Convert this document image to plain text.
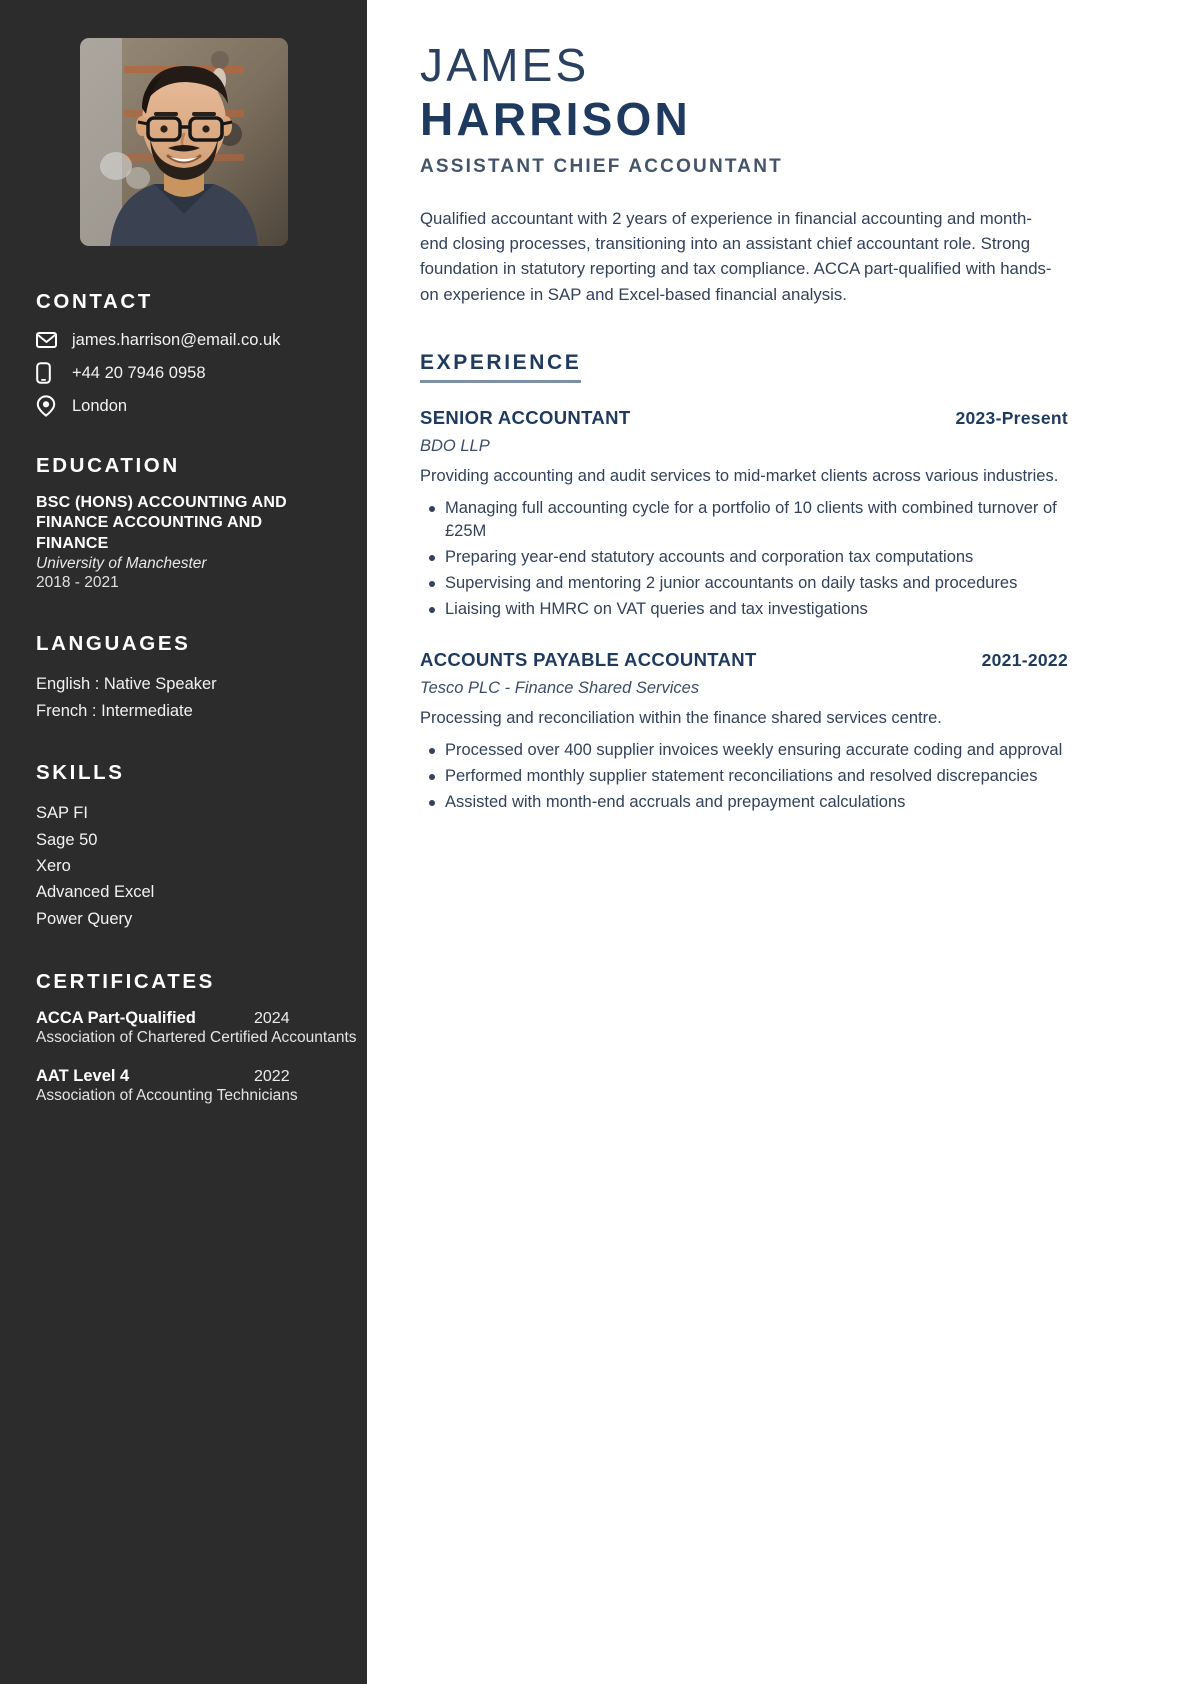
CONTACT
james.harrison@email.co.uk
+44 20 7946 0958
London
EDUCATION
BSC (HONS) ACCOUNTING AND FINANCE ACCOUNTING AND FINANCE
University of Manchester
2018 - 2021
LANGUAGES
English : Native Speaker
French : Intermediate
SKILLS
SAP FI
Sage 50
Xero
Advanced Excel
Power Query
CERTIFICATES
ACCA Part-Qualified	2024
Association of Chartered Certified Accountants
AAT Level 4	2022
Association of Accounting Technicians
JAMES
HARRISON
ASSISTANT CHIEF ACCOUNTANT

Qualified accountant with 2 years of experience in financial accounting and month-end closing processes, transitioning into an assistant chief accountant role. Strong foundation in statutory reporting and tax compliance. ACCA part-qualified with hands-on experience in SAP and Excel-based financial analysis.

EXPERIENCE
SENIOR ACCOUNTANT	2023-Present
BDO LLP
Providing accounting and audit services to mid-market clients across various industries.
Managing full accounting cycle for a portfolio of 10 clients with combined turnover of £25M
Preparing year-end statutory accounts and corporation tax computations
Supervising and mentoring 2 junior accountants on daily tasks and procedures
Liaising with HMRC on VAT queries and tax investigations
ACCOUNTS PAYABLE ACCOUNTANT	2021-2022
Tesco PLC - Finance Shared Services
Processing and reconciliation within the finance shared services centre.
Processed over 400 supplier invoices weekly ensuring accurate coding and approval
Performed monthly supplier statement reconciliations and resolved discrepancies
Assisted with month-end accruals and prepayment calculations
